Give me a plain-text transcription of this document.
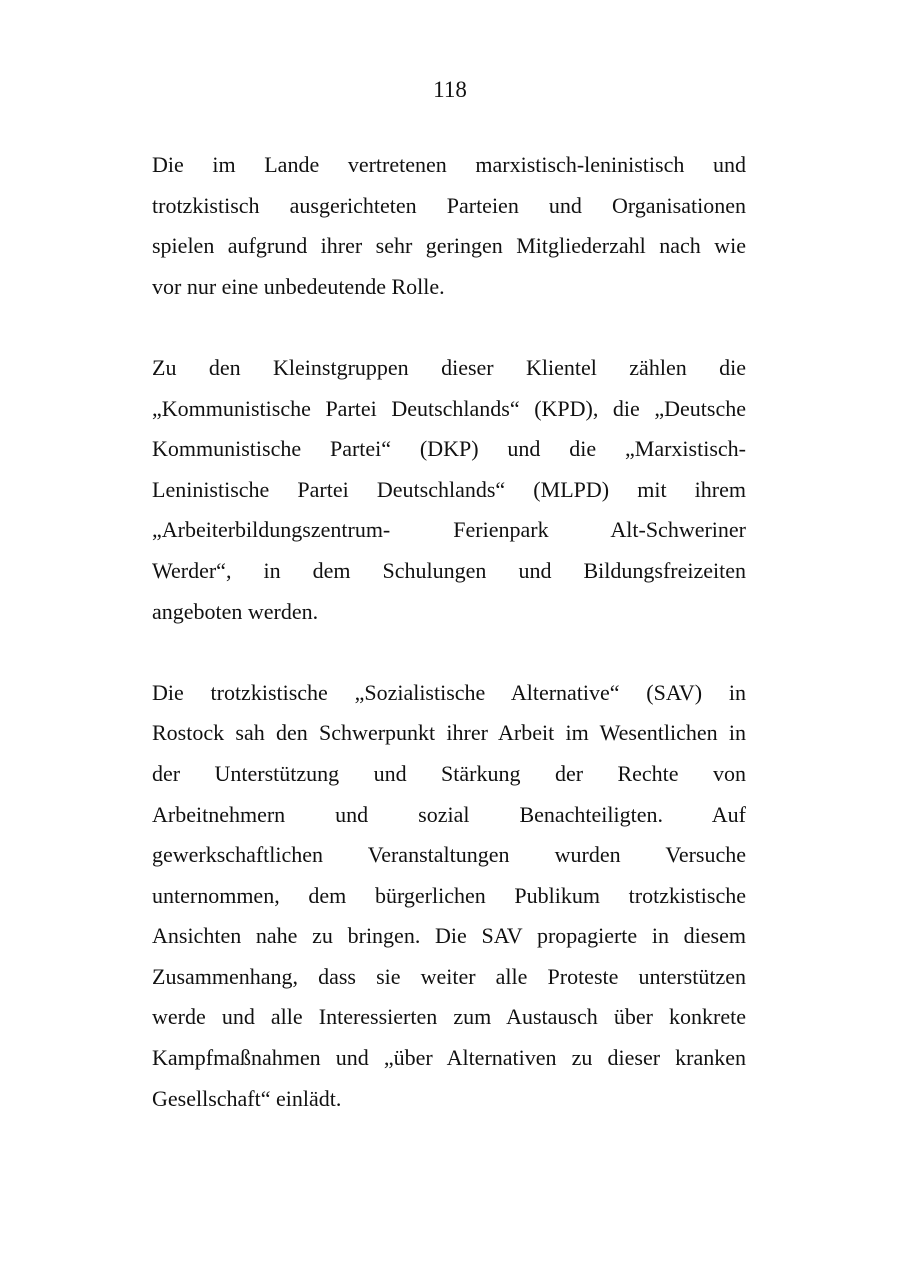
118
Die im Lande vertretenen marxistisch-leninistisch und
trotzkistisch ausgerichteten Parteien und Organisationen
spielen aufgrund ihrer sehr geringen Mitgliederzahl nach wie
vor nur eine unbedeutende Rolle.
Zu den Kleinstgruppen dieser Klientel zählen die
„Kommunistische Partei Deutschlands“ (KPD), die „Deutsche
Kommunistische Partei“ (DKP) und die „Marxistisch-
Leninistische Partei Deutschlands“ (MLPD) mit ihrem
„Arbeiterbildungszentrum- Ferienpark Alt-Schweriner
Werder“, in dem Schulungen und Bildungsfreizeiten
angeboten werden.
Die trotzkistische „Sozialistische Alternative“ (SAV) in
Rostock sah den Schwerpunkt ihrer Arbeit im Wesentlichen in
der Unterstützung und Stärkung der Rechte von
Arbeitnehmern und sozial Benachteiligten. Auf
gewerkschaftlichen Veranstaltungen wurden Versuche
unternommen, dem bürgerlichen Publikum trotzkistische
Ansichten nahe zu bringen. Die SAV propagierte in diesem
Zusammenhang, dass sie weiter alle Proteste unterstützen
werde und alle Interessierten zum Austausch über konkrete
Kampfmaßnahmen und „über Alternativen zu dieser kranken
Gesellschaft“ einlädt.
